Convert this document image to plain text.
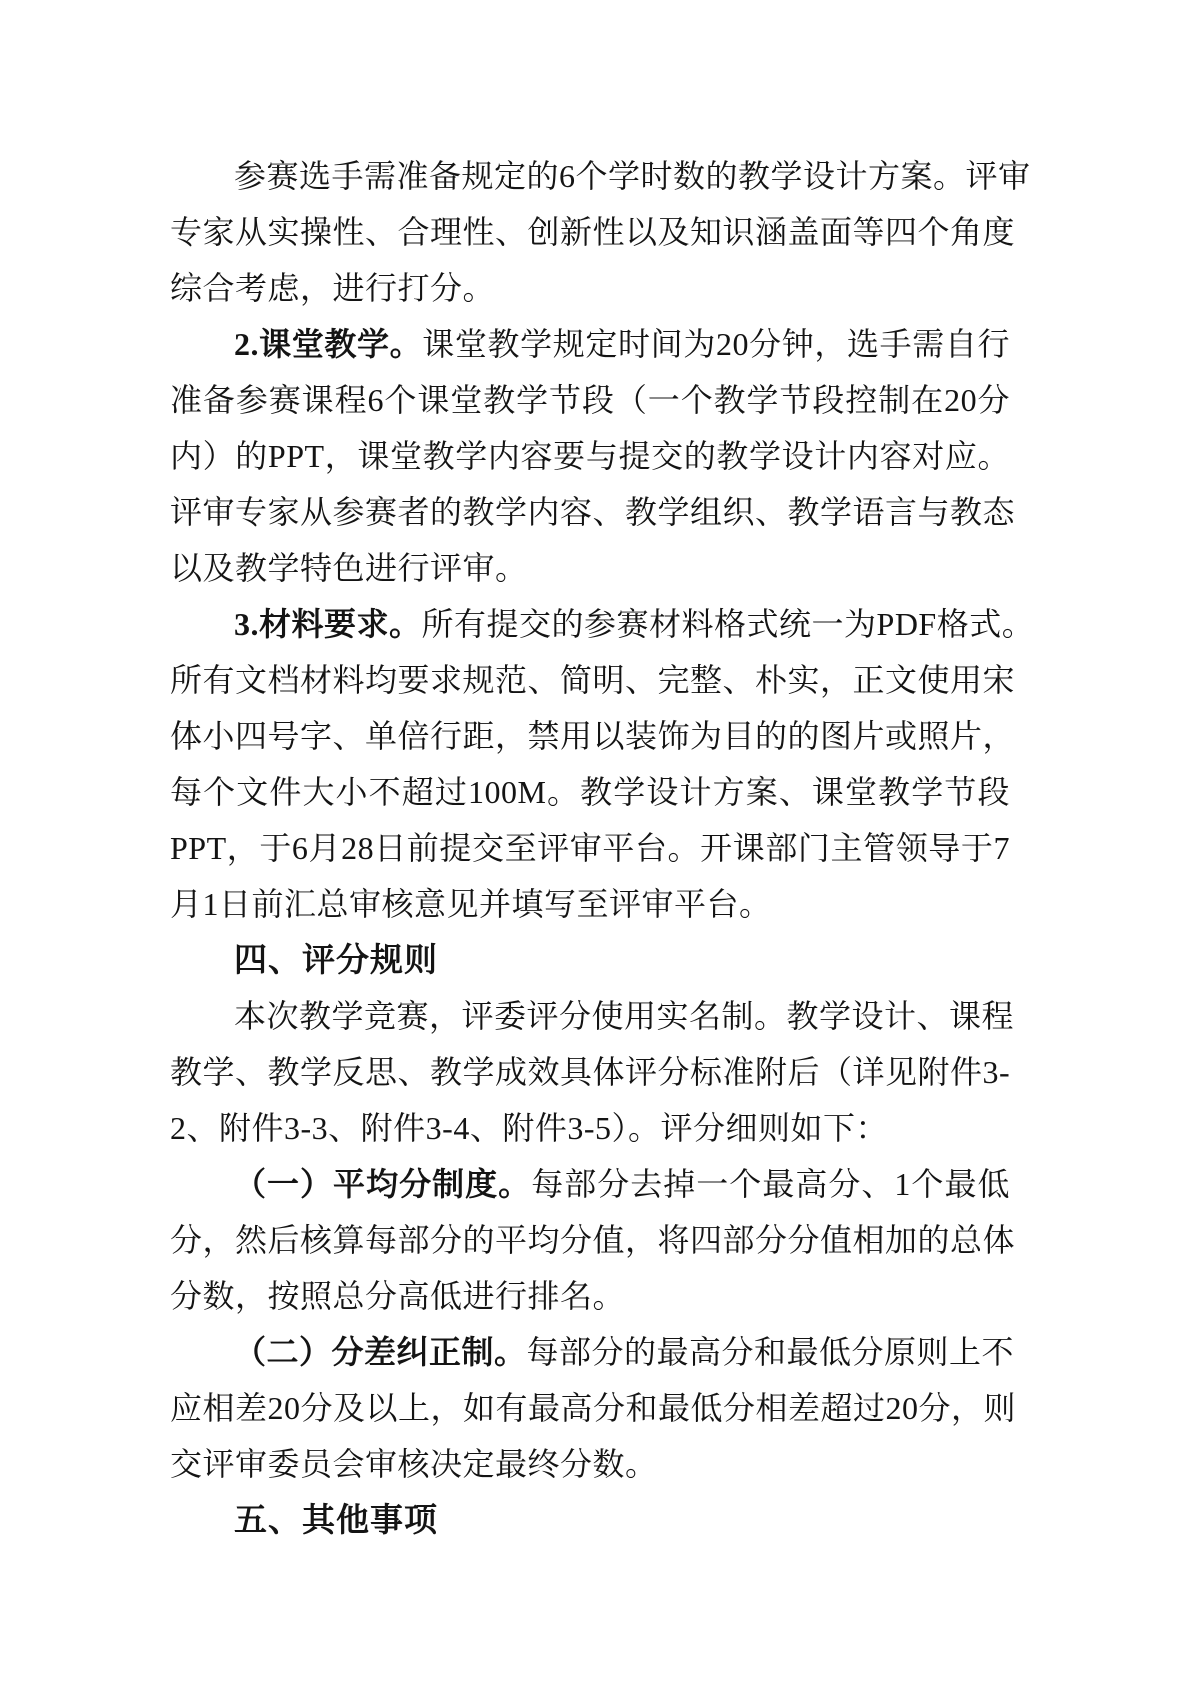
参赛选手需准备规定的6个学时数的教学设计方案。评审
专家从实操性、合理性、创新性以及知识涵盖面等四个角度
综合考虑，进行打分。
2.课堂教学。课堂教学规定时间为20分钟，选手需自行
准备参赛课程6个课堂教学节段（一个教学节段控制在20分
内）的PPT，课堂教学内容要与提交的教学设计内容对应。
评审专家从参赛者的教学内容、教学组织、教学语言与教态
以及教学特色进行评审。
3.材料要求。所有提交的参赛材料格式统一为PDF格式。
所有文档材料均要求规范、简明、完整、朴实，正文使用宋
体小四号字、单倍行距，禁用以装饰为目的的图片或照片，
每个文件大小不超过100M。教学设计方案、课堂教学节段
PPT，于6月28日前提交至评审平台。开课部门主管领导于7
月1日前汇总审核意见并填写至评审平台。
四、评分规则
本次教学竞赛，评委评分使用实名制。教学设计、课程
教学、教学反思、教学成效具体评分标准附后（详见附件3-
2、附件3-3、附件3-4、附件3-5）。评分细则如下：
（一）平均分制度。每部分去掉一个最高分、1个最低
分，然后核算每部分的平均分值，将四部分分值相加的总体
分数，按照总分高低进行排名。
（二）分差纠正制。每部分的最高分和最低分原则上不
应相差20分及以上，如有最高分和最低分相差超过20分，则
交评审委员会审核决定最终分数。
五、其他事项
